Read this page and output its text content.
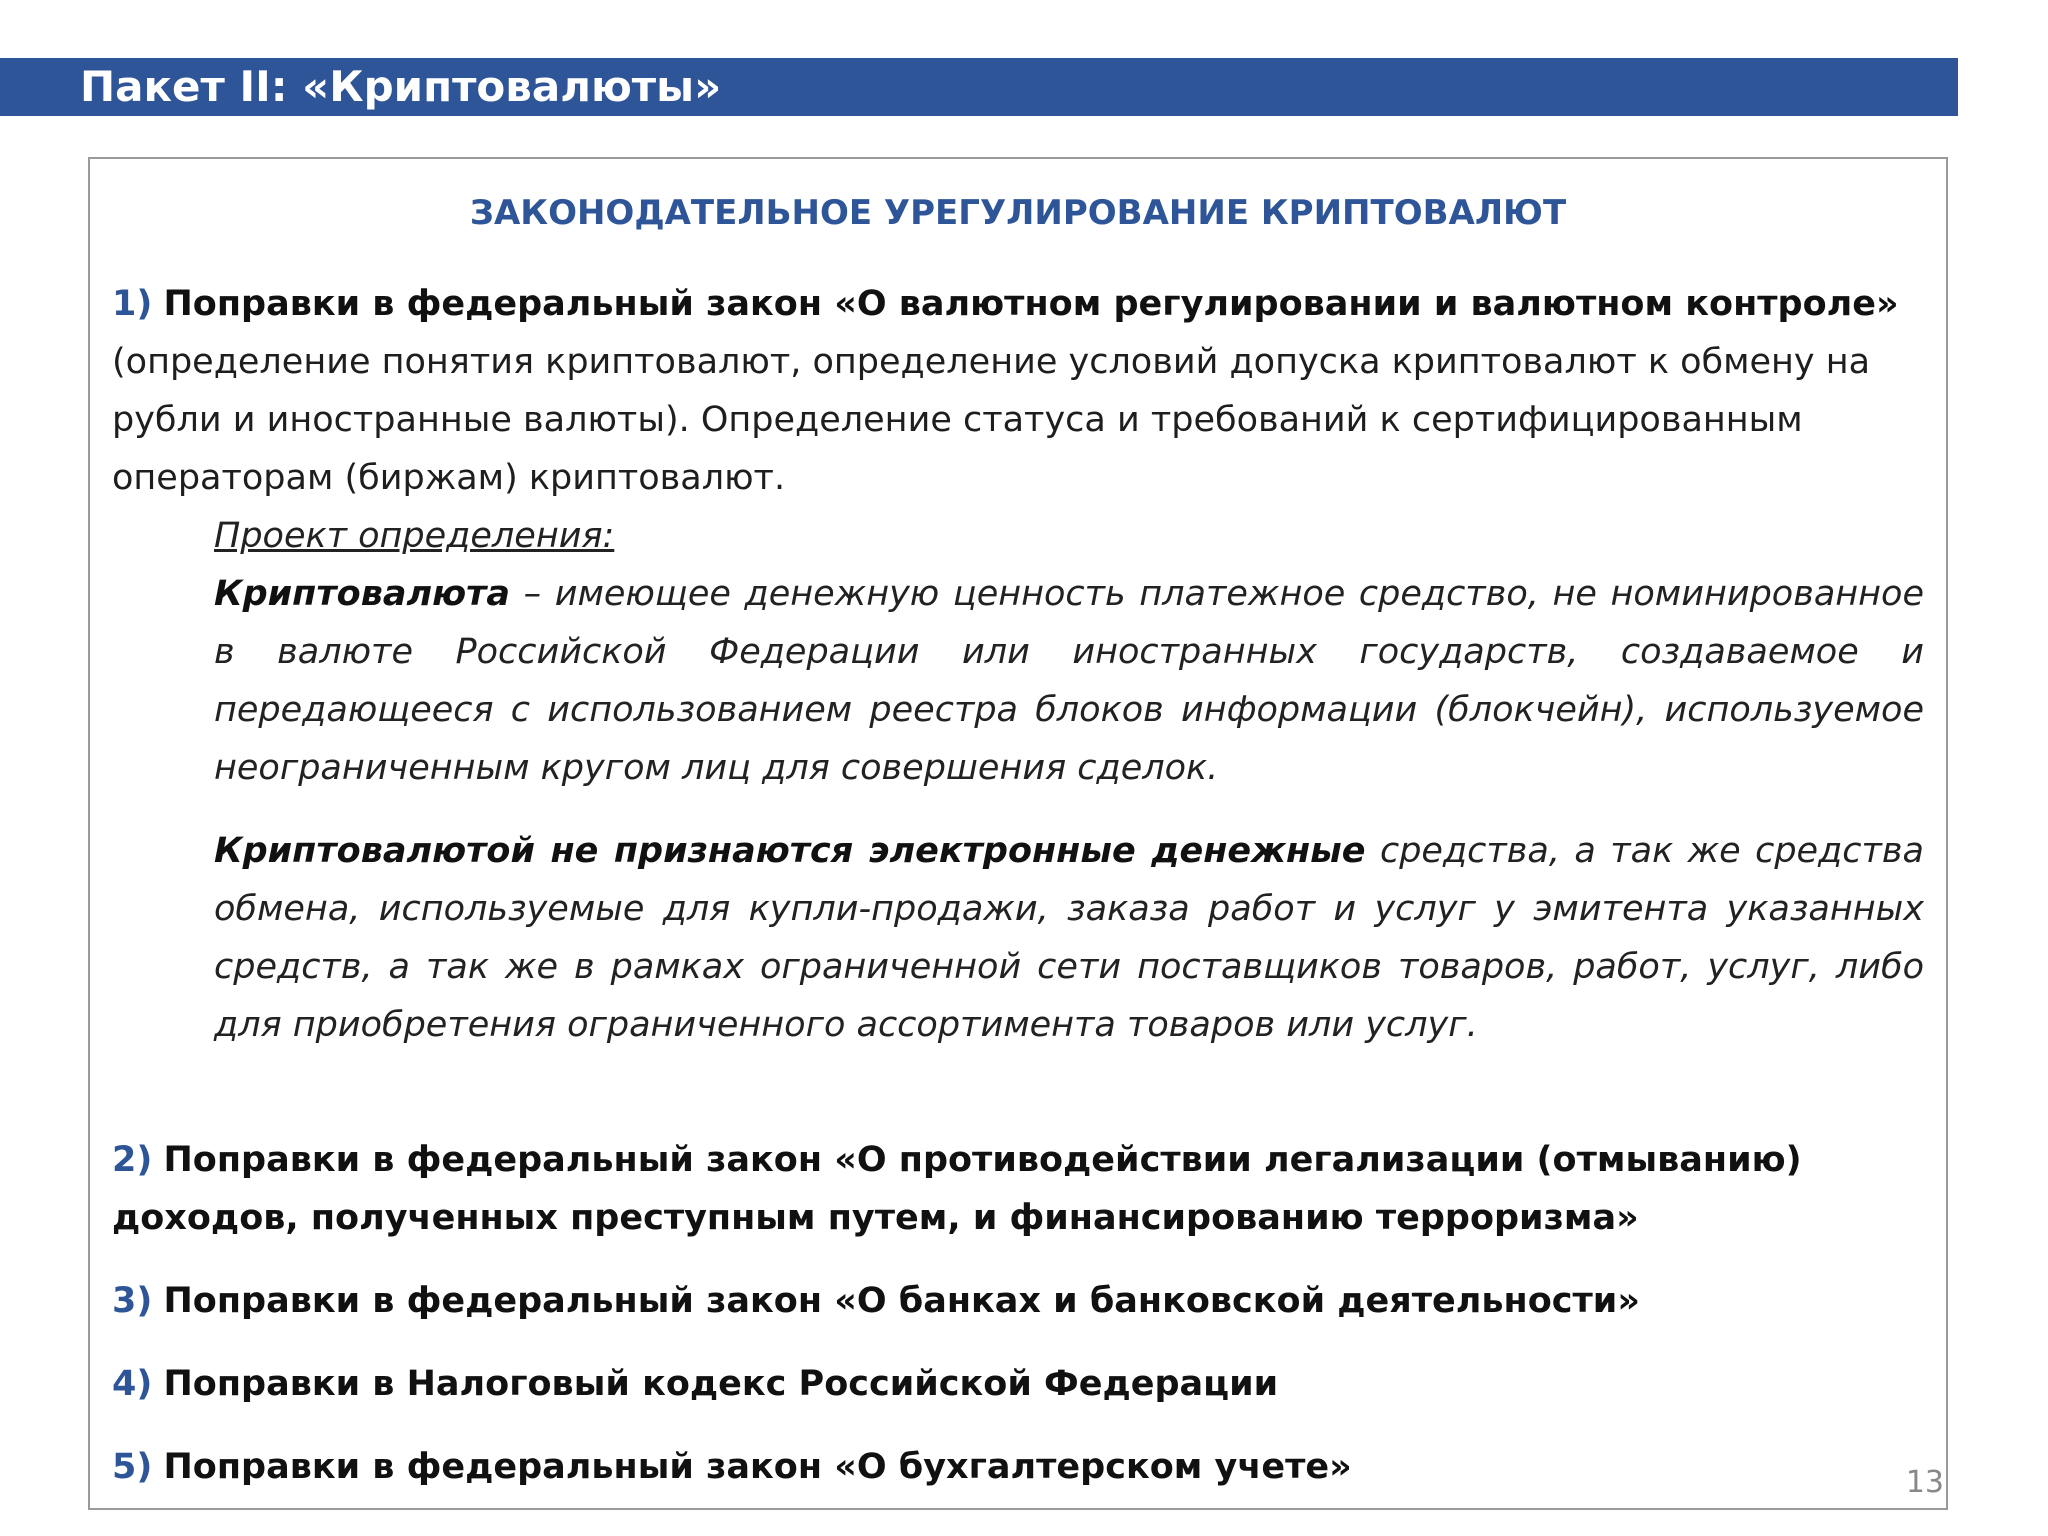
Пакет II: «Криптовалюты»
ЗАКОНОДАТЕЛЬНОЕ УРЕГУЛИРОВАНИЕ КРИПТОВАЛЮТ
1) Поправки в федеральный закон «О валютном регулировании и валютном контроле» (определение понятия криптовалют, определение условий допуска криптовалют к обмену на рубли и иностранные валюты). Определение статуса и требований к сертифицированным операторам (биржам) криптовалют.
Проект определения:
Криптовалюта – имеющее денежную ценность платежное средство, не номинированное в валюте Российской Федерации или иностранных государств, создаваемое и передающееся с использованием реестра блоков информации (блокчейн), используемое неограниченным кругом лиц для совершения сделок.
Криптовалютой не признаются электронные денежные средства, а так же средства обмена, используемые для купли-продажи, заказа работ и услуг у эмитента указанных средств, а так же в рамках ограниченной сети поставщиков товаров, работ, услуг, либо для приобретения ограниченного ассортимента товаров или услуг.
2) Поправки в федеральный закон «О противодействии легализации (отмыванию) доходов, полученных преступным путем, и финансированию терроризма»
3) Поправки в федеральный закон «О банках и банковской деятельности»
4) Поправки в Налоговый кодекс Российской Федерации
5) Поправки в федеральный закон «О бухгалтерском учете»	13
